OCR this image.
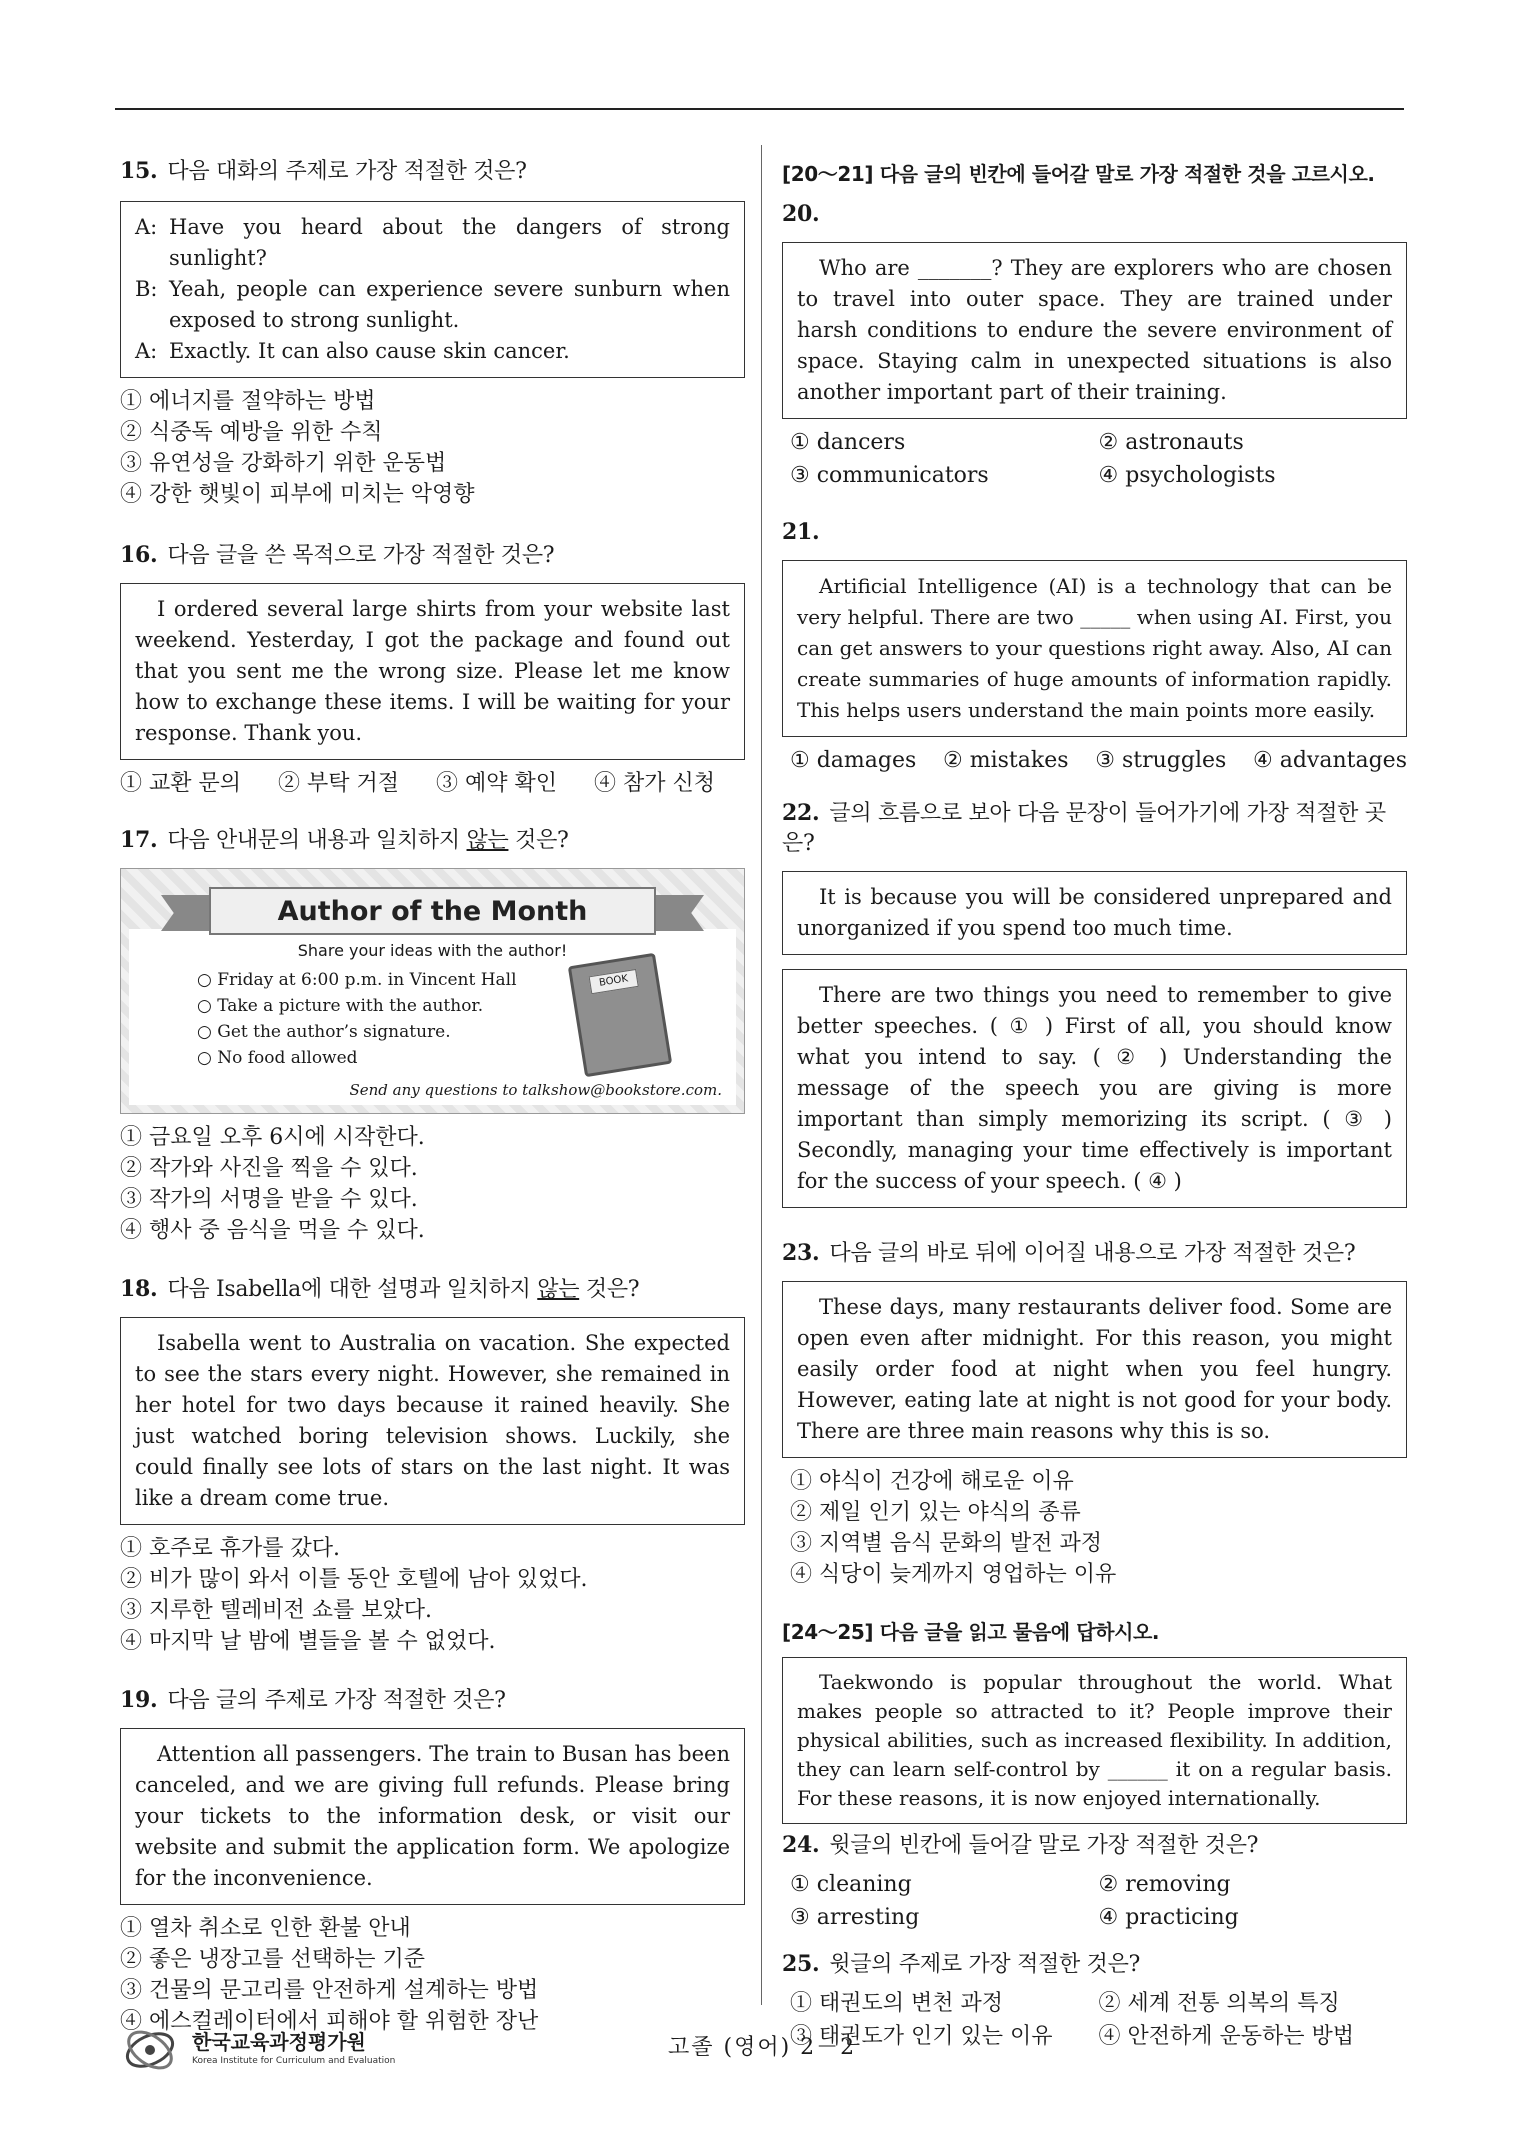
15. 다음 대화의 주제로 가장 적절한 것은?

A: Have you heard about the dangers of strong sunlight?
B: Yeah, people can experience severe sunburn when exposed to strong sunlight.
A: Exactly. It can also cause skin cancer.
① 에너지를 절약하는 방법
② 식중독 예방을 위한 수칙
③ 유연성을 강화하기 위한 운동법
④ 강한 햇빛이 피부에 미치는 악영향

16. 다음 글을 쓴 목적으로 가장 적절한 것은?

I ordered several large shirts from your website last weekend. Yesterday, I got the package and found out that you sent me the wrong size. Please let me know how to exchange these items. I will be waiting for your response. Thank you.

① 교환 문의 ② 부탁 거절 ③ 예약 확인 ④ 참가 신청

17. 다음 안내문의 내용과 일치하지 않는 것은?

Author of the Month
Share your ideas with the author!
○ Friday at 6:00 p.m. in Vincent Hall
○ Take a picture with the author.
○ Get the author’s signature.
○ No food allowed
BOOK
Send any questions to talkshow@bookstore.com.
① 금요일 오후 6시에 시작한다.
② 작가와 사진을 찍을 수 있다.
③ 작가의 서명을 받을 수 있다.
④ 행사 중 음식을 먹을 수 있다.

18. 다음 Isabella에 대한 설명과 일치하지 않는 것은?

Isabella went to Australia on vacation. She expected to see the stars every night. However, she remained in her hotel for two days because it rained heavily. She just watched boring television shows. Luckily, she could finally see lots of stars on the last night. It was like a dream come true.

① 호주로 휴가를 갔다.
② 비가 많이 와서 이틀 동안 호텔에 남아 있었다.
③ 지루한 텔레비전 쇼를 보았다.
④ 마지막 날 밤에 별들을 볼 수 없었다.

19. 다음 글의 주제로 가장 적절한 것은?

Attention all passengers. The train to Busan has been canceled, and we are giving full refunds. Please bring your tickets to the information desk, or visit our website and submit the application form. We apologize for the inconvenience.

① 열차 취소로 인한 환불 안내
② 좋은 냉장고를 선택하는 기준
③ 건물의 문고리를 안전하게 설계하는 방법
④ 에스컬레이터에서 피해야 할 위험한 장난

[20～21] 다음 글의 빈칸에 들어갈 말로 가장 적절한 것을 고르시오.

20.

Who are _______? They are explorers who are chosen to travel into outer space. They are trained under harsh conditions to endure the severe environment of space. Staying calm in unexpected situations is also another important part of their training.

① dancers	② astronauts
③ communicators	④ psychologists

21.

Artificial Intelligence (AI) is a technology that can be very helpful. There are two _____ when using AI. First, you can get answers to your questions right away. Also, AI can create summaries of huge amounts of information rapidly. This helps users understand the main points more easily.

① damages ② mistakes ③ struggles ④ advantages

22. 글의 흐름으로 보아 다음 문장이 들어가기에 가장 적절한 곳은?

It is because you will be considered unprepared and unorganized if you spend too much time.

There are two things you need to remember to give better speeches. ( ① ) First of all, you should know what you intend to say. ( ② ) Understanding the message of the speech you are giving is more important than simply memorizing its script. ( ③ ) Secondly, managing your time effectively is important for the success of your speech. ( ④ )

23. 다음 글의 바로 뒤에 이어질 내용으로 가장 적절한 것은?

These days, many restaurants deliver food. Some are open even after midnight. For this reason, you might easily order food at night when you feel hungry. However, eating late at night is not good for your body. There are three main reasons why this is so.

① 야식이 건강에 해로운 이유
② 제일 인기 있는 야식의 종류
③ 지역별 음식 문화의 발전 과정
④ 식당이 늦게까지 영업하는 이유

[24～25] 다음 글을 읽고 물음에 답하시오.

Taekwondo is popular throughout the world. What makes people so attracted to it? People improve their physical abilities, such as increased flexibility. In addition, they can learn self-control by ______ it on a regular basis. For these reasons, it is now enjoyed internationally.

24. 윗글의 빈칸에 들어갈 말로 가장 적절한 것은?

① cleaning	② removing
③ arresting	④ practicing

25. 윗글의 주제로 가장 적절한 것은?

① 태권도의 변천 과정	② 세계 전통 의복의 특징
③ 태권도가 인기 있는 이유	④ 안전하게 운동하는 방법
한국교육과정평가원
Korea Institute for Curriculum and Evaluation
고졸 (영어) 2－2
